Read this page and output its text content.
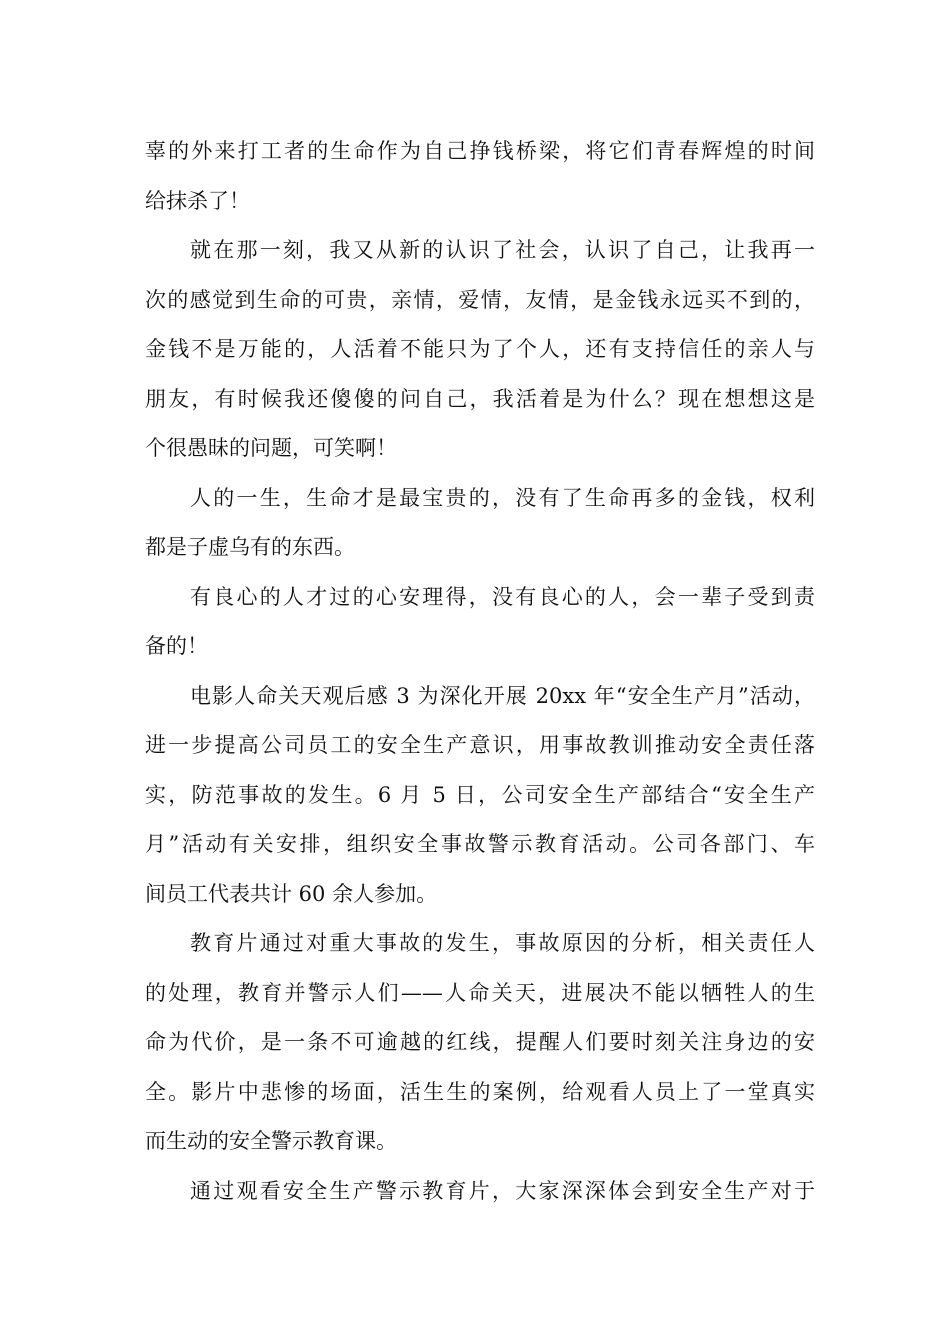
辜的外来打工者的生命作为自己挣钱桥梁，将它们青春辉煌的时间
给抹杀了！
就在那一刻，我又从新的认识了社会，认识了自己，让我再一
次的感觉到生命的可贵，亲情，爱情，友情，是金钱永远买不到的，
金钱不是万能的，人活着不能只为了个人，还有支持信任的亲人与
朋友，有时候我还傻傻的问自己，我活着是为什么？现在想想这是
个很愚昧的问题，可笑啊！
人的一生，生命才是最宝贵的，没有了生命再多的金钱，权利
都是子虚乌有的东西。
有良心的人才过的心安理得，没有良心的人，会一辈子受到责
备的！
电影人命关天观后感 3 为深化开展 20xx 年“安全生产月”活动，
进一步提高公司员工的安全生产意识，用事故教训推动安全责任落
实，防范事故的发生。6 月 5 日，公司安全生产部结合“安全生产
月”活动有关安排，组织安全事故警示教育活动。公司各部门、车
间员工代表共计 60 余人参加。
教育片通过对重大事故的发生，事故原因的分析，相关责任人
的处理，教育并警示人们——人命关天，进展决不能以牺牲人的生
命为代价，是一条不可逾越的红线，提醒人们要时刻关注身边的安
全。影片中悲惨的场面，活生生的案例，给观看人员上了一堂真实
而生动的安全警示教育课。
通过观看安全生产警示教育片，大家深深体会到安全生产对于
